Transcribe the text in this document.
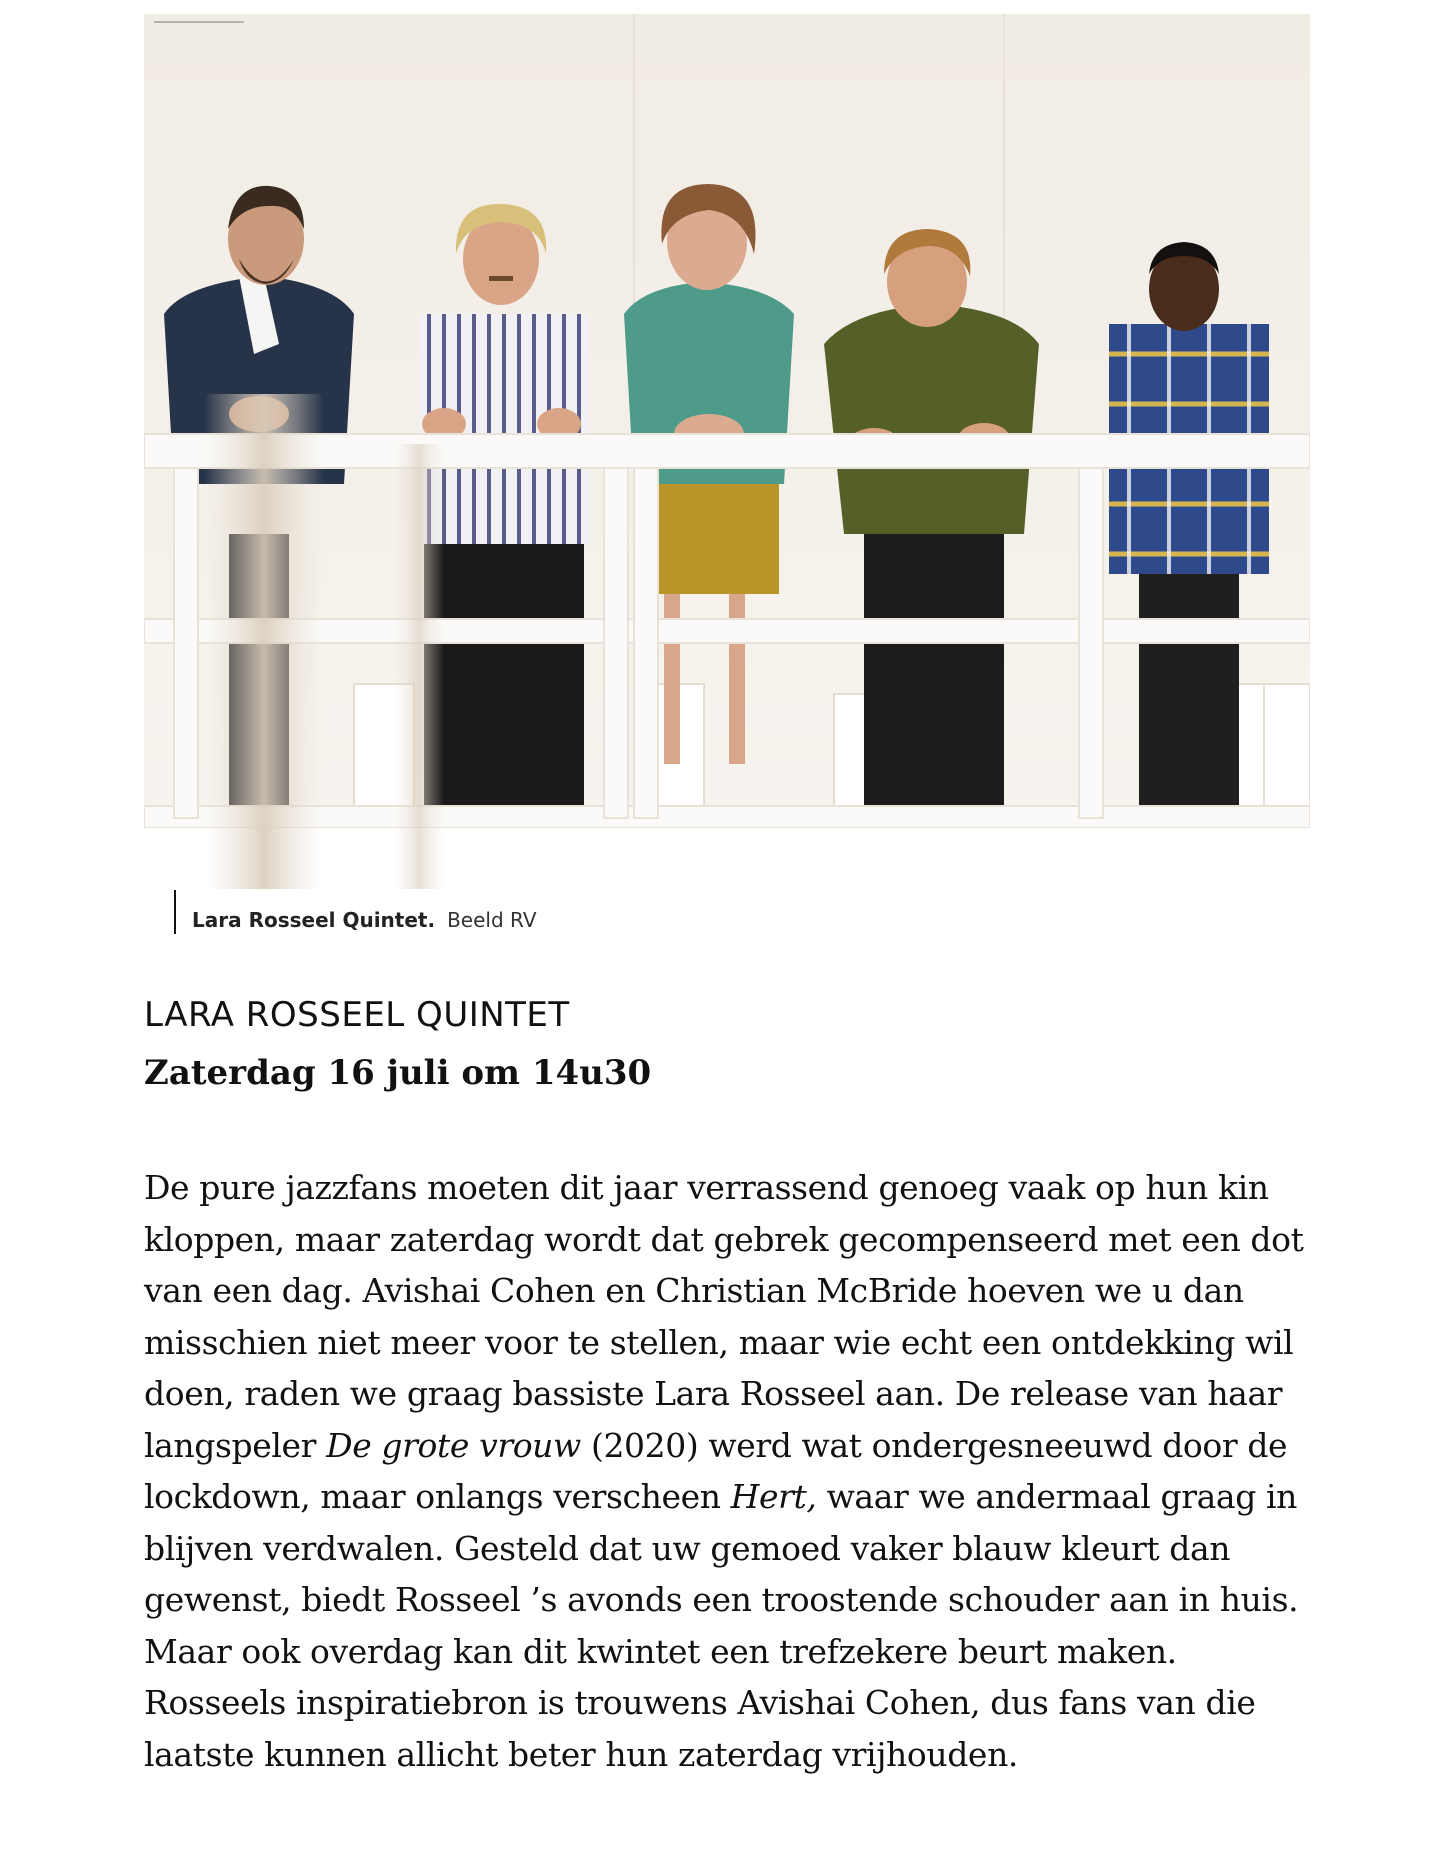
Lara Rosseel Quintet. Beeld RV
LARA ROSSEEL QUINTET
Zaterdag 16 juli om 14u30

De pure jazzfans moeten dit jaar verrassend genoeg vaak op hun kin kloppen, maar zaterdag wordt dat gebrek gecompenseerd met een dot van een dag. Avishai Cohen en Christian McBride hoeven we u dan misschien niet meer voor te stellen, maar wie echt een ontdekking wil doen, raden we graag bassiste Lara Rosseel aan. De release van haar langspeler De grote vrouw (2020) werd wat ondergesneeuwd door de lockdown, maar onlangs verscheen Hert, waar we andermaal graag in blijven verdwalen. Gesteld dat uw gemoed vaker blauw kleurt dan gewenst, biedt Rosseel ’s avonds een troostende schouder aan in huis. Maar ook overdag kan dit kwintet een trefzekere beurt maken. Rosseels inspiratiebron is trouwens Avishai Cohen, dus fans van die laatste kunnen allicht beter hun zaterdag vrijhouden.
